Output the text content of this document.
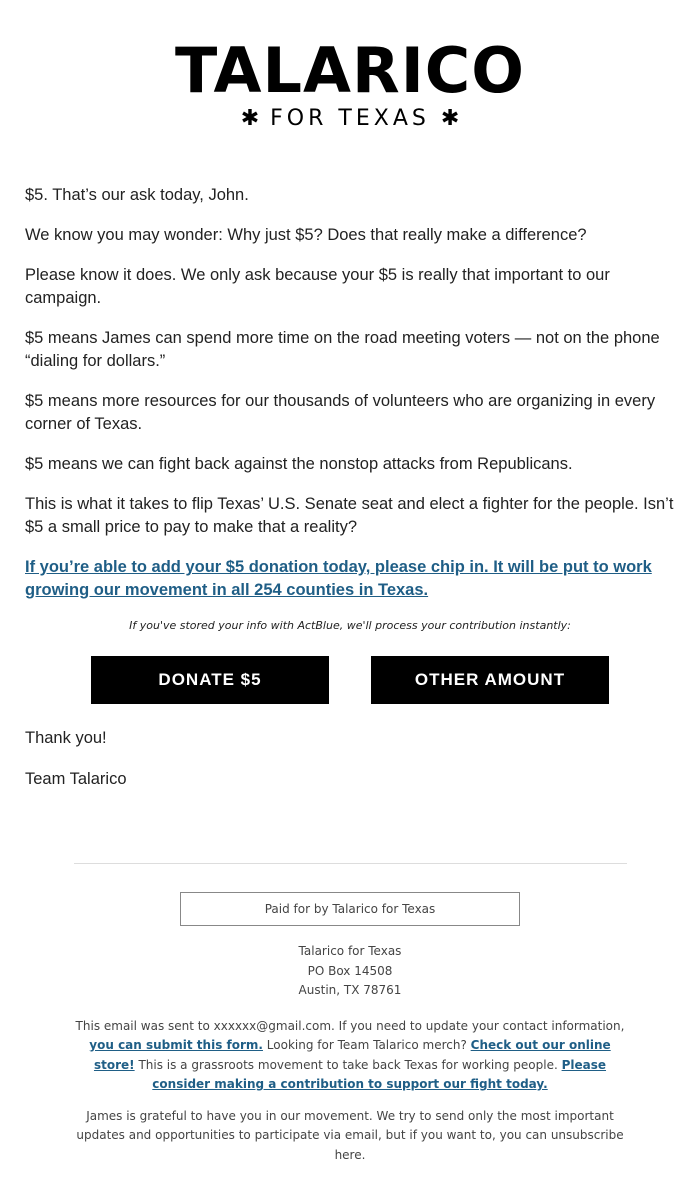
TALARICO
✱ FOR TEXAS ✱

$5. That’s our ask today, John.

We know you may wonder: Why just $5? Does that really make a difference?

Please know it does. We only ask because your $5 is really that important to our campaign.

$5 means James can spend more time on the road meeting voters — not on the phone “dialing for dollars.”

$5 means more resources for our thousands of volunteers who are organizing in every corner of Texas.

$5 means we can fight back against the nonstop attacks from Republicans.

This is what it takes to flip Texas’ U.S. Senate seat and elect a fighter for the people. Isn’t $5 a small price to pay to make that a reality?

If you’re able to add your $5 donation today, please chip in. It will be put to work growing our movement in all 254 counties in Texas.
If you've stored your info with ActBlue, we'll process your contribution instantly:
DONATE $5	OTHER AMOUNT

Thank you!

Team Talarico

Paid for by Talarico for Texas
Talarico for Texas
PO Box 14508
Austin, TX 78761
This email was sent to xxxxxx@gmail.com. If you need to update your contact information, you can submit this form. Looking for Team Talarico merch? Check out our online store! This is a grassroots movement to take back Texas for working people. Please consider making a contribution to support our fight today.
James is grateful to have you in our movement. We try to send only the most important updates and opportunities to participate via email, but if you want to, you can unsubscribe here.
